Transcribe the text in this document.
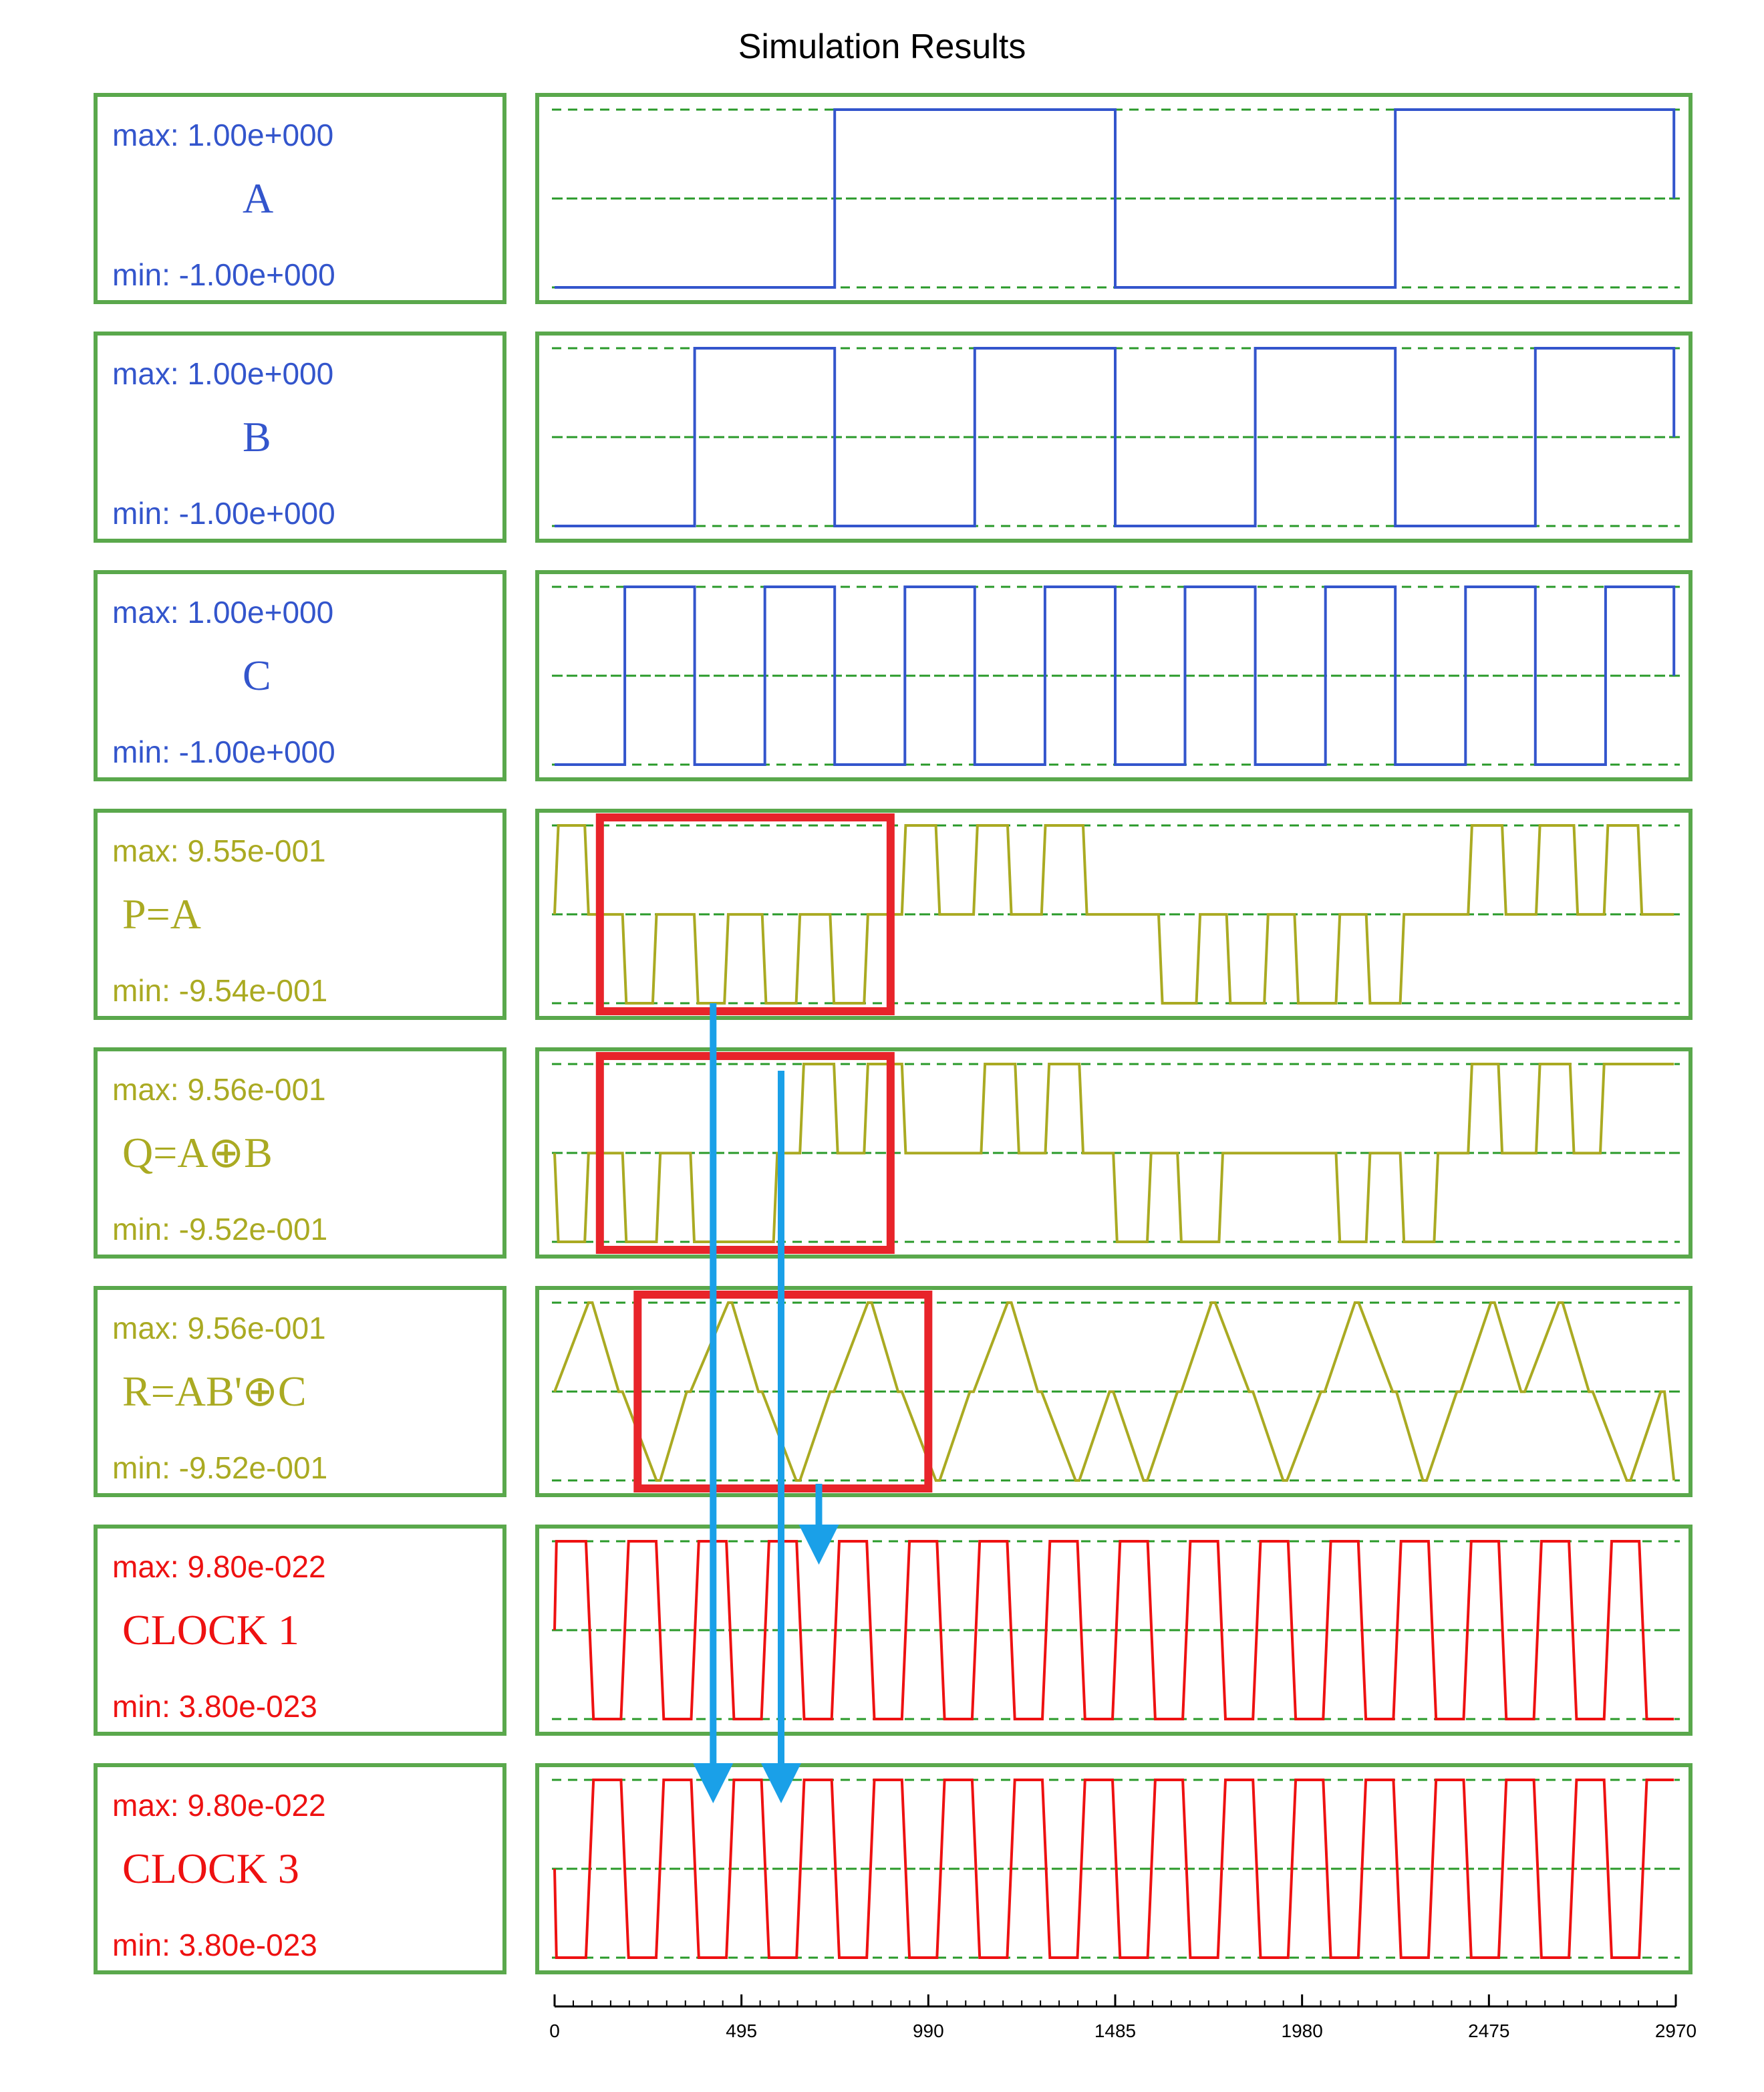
Simulation Results
max: 1.00e+000
A
min: -1.00e+000
max: 1.00e+000
B
min: -1.00e+000
max: 1.00e+000
C
min: -1.00e+000
max: 9.55e-001
P=A
min: -9.54e-001
max: 9.56e-001
Q=A⊕B
min: -9.52e-001
max: 9.56e-001
R=AB'⊕C
min: -9.52e-001
max: 9.80e-022
CLOCK 1
min: 3.80e-023
max: 9.80e-022
CLOCK 3
min: 3.80e-023
0	495	990	1485	1980	2475	2970
